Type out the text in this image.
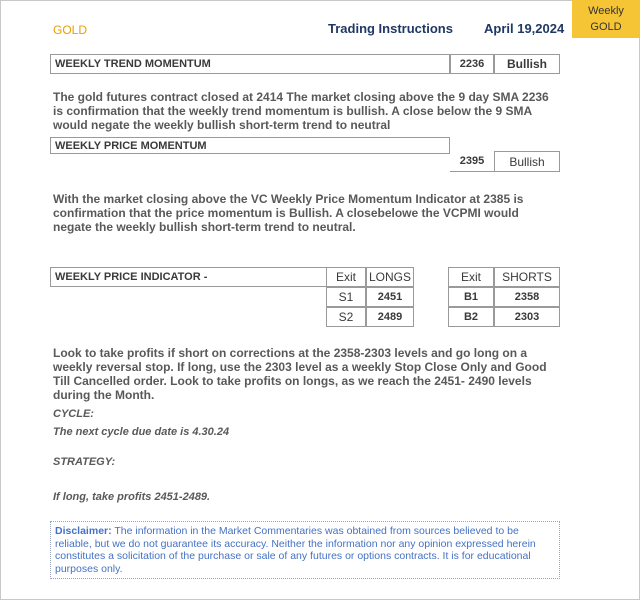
GOLD	Trading Instructions April 19,2024
Weekly
GOLD
WEEKLY TREND MOMENTUM	2236	Bullish
The gold futures contract closed at 2414 The market closing above the 9 day SMA 2236 is confirmation that the weekly trend momentum is bullish. A close below the 9 SMA would negate the weekly bullish short-term trend to neutral
WEEKLY PRICE MOMENTUM
2395	Bullish
With the market closing above the VC Weekly Price Momentum Indicator at 2385 is confirmation that the price momentum is Bullish. A closebelowe the VCPMI would negate the weekly bullish short-term trend to neutral.
WEEKLY PRICE INDICATOR -	Exit	LONGS
S1	2451
S2	2489
Exit	SHORTS
B1	2358
B2	2303
Look to take profits if short on corrections at the 2358-2303 levels and go long on a weekly reversal stop. If long, use the 2303 level as a weekly Stop Close Only and Good Till Cancelled order. Look to take profits on longs, as we reach the 2451- 2490 levels during the Month.
CYCLE:
The next cycle due date is 4.30.24
STRATEGY:
If long, take profits 2451-2489.
Disclaimer: The information in the Market Commentaries was obtained from sources believed to be reliable, but we do not guarantee its accuracy. Neither the information nor any opinion expressed herein constitutes a solicitation of the purchase or sale of any futures or options contracts. It is for educational purposes only.
